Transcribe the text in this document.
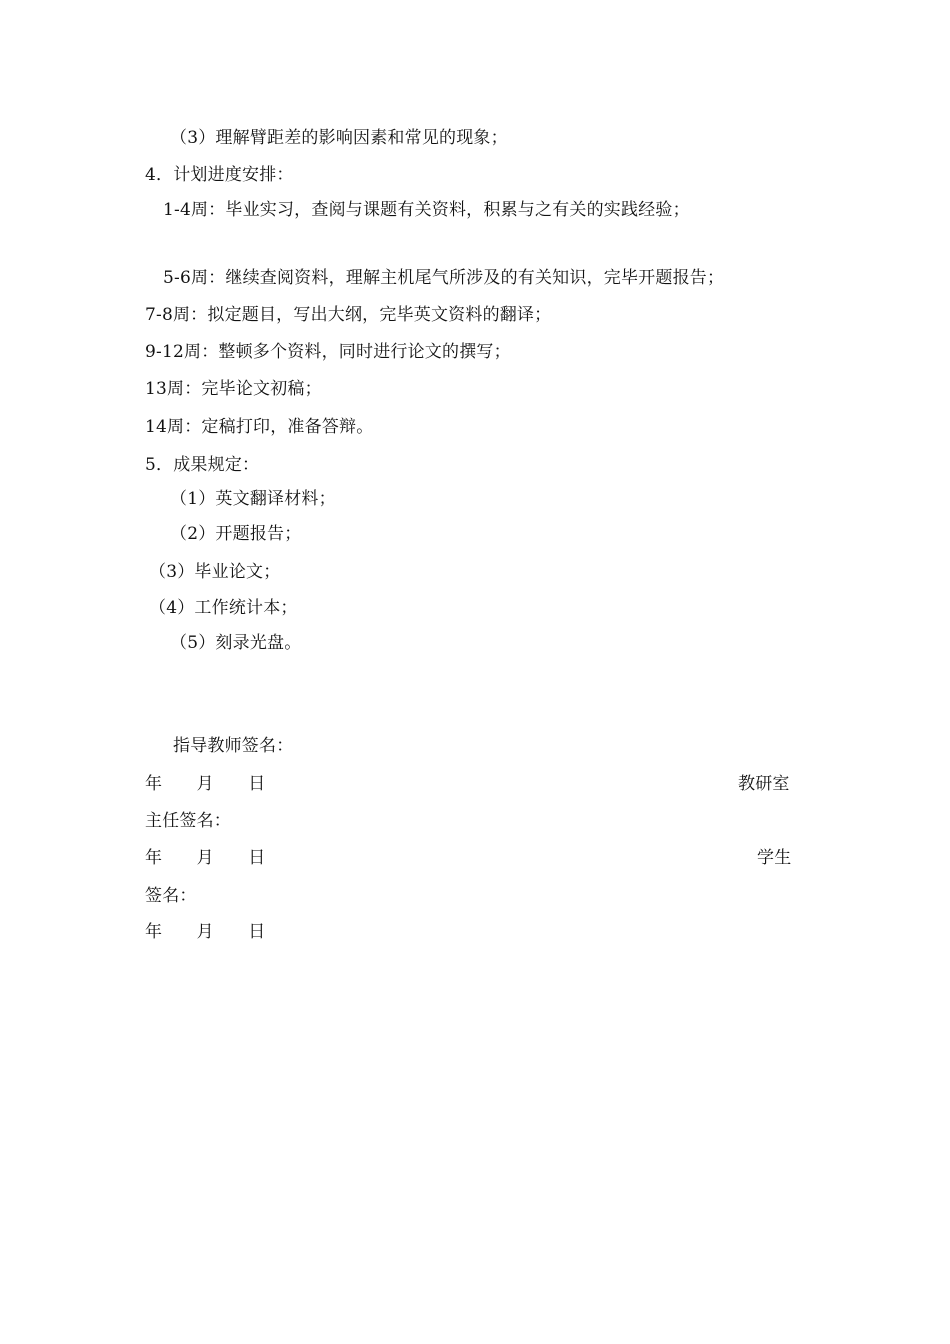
（3）理解臂距差的影响因素和常见的现象；
4．计划进度安排：
1-4周：毕业实习，查阅与课题有关资料，积累与之有关的实践经验；
5-6周：继续查阅资料，理解主机尾气所涉及的有关知识，完毕开题报告；
7-8周：拟定题目，写出大纲，完毕英文资料的翻译；
9-12周：整顿多个资料，同时进行论文的撰写；
13周：完毕论文初稿；
14周：定稿打印，准备答辩。
5．成果规定：
（1）英文翻译材料；
（2）开题报告；
（3）毕业论文；
（4）工作统计本；
（5）刻录光盘。
指导教师签名：
年　　月　　日	教研室
主任签名：
年　　月　　日	学生
签名：
年　　月　　日
